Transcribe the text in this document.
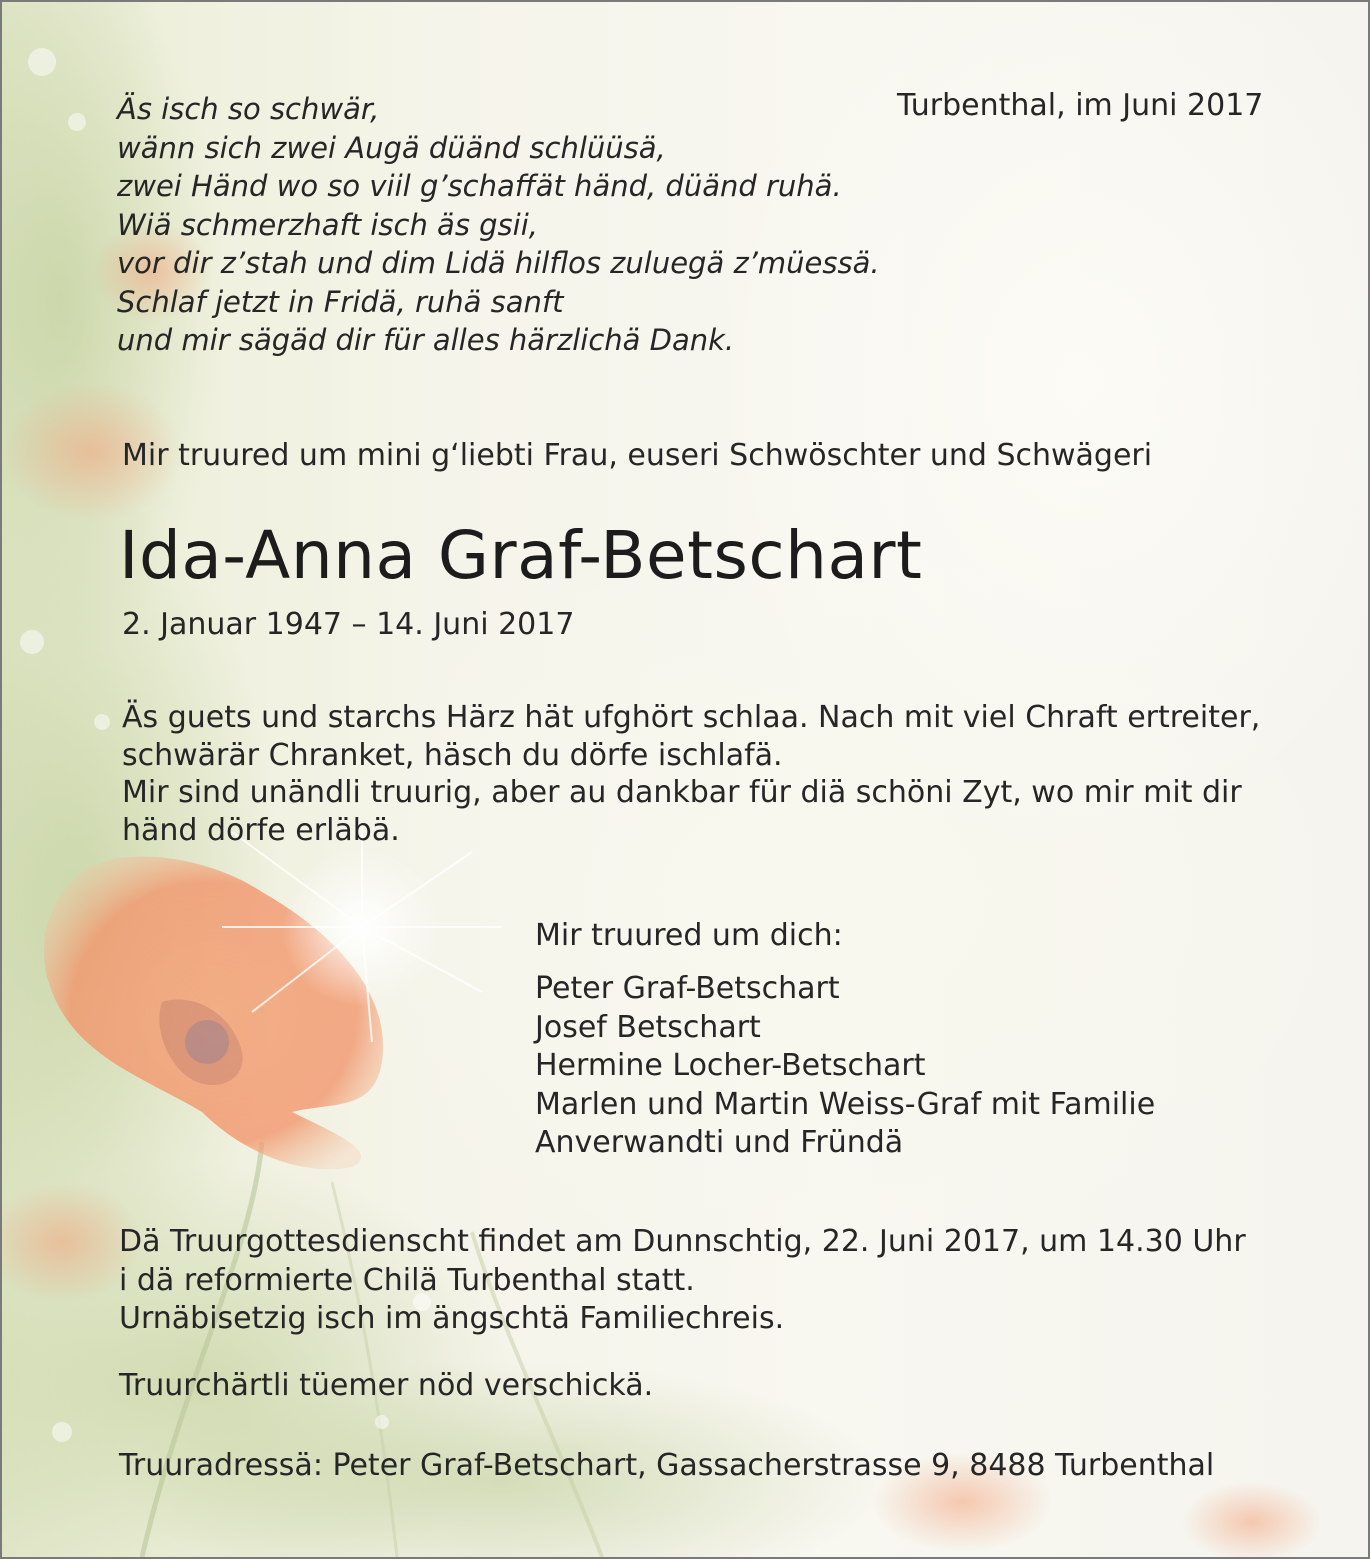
Äs isch so schwär,
wänn sich zwei Augä düänd schlüüsä,
zwei Händ wo so viil g’schaffät händ, düänd ruhä.
Wiä schmerzhaft isch äs gsii,
vor dir z’stah und dim Lidä hilflos zuluegä z’müessä.
Schlaf jetzt in Fridä, ruhä sanft
und mir sägäd dir für alles härzlichä Dank.
Turbenthal, im Juni 2017
Mir truured um mini g‘liebti Frau, euseri Schwöschter und Schwägeri
Ida-Anna Graf-Betschart
2. Januar 1947 – 14. Juni 2017
Äs guets und starchs Härz hät ufghört schlaa. Nach mit viel Chraft ertreiter,
schwärär Chranket, häsch du dörfe ischlafä.
Mir sind unändli truurig, aber au dankbar für diä schöni Zyt, wo mir mit dir
händ dörfe erläbä.
Mir truured um dich:
Peter Graf-Betschart
Josef Betschart
Hermine Locher-Betschart
Marlen und Martin Weiss-Graf mit Familie
Anverwandti und Fründä
Dä Truurgottesdienscht findet am Dunnschtig, 22. Juni 2017, um 14.30 Uhr
i dä reformierte Chilä Turbenthal statt.
Urnäbisetzig isch im ängschtä Familiechreis.
Truurchärtli tüemer nöd verschickä.
Truuradressä: Peter Graf-Betschart, Gassacherstrasse 9, 8488 Turbenthal
